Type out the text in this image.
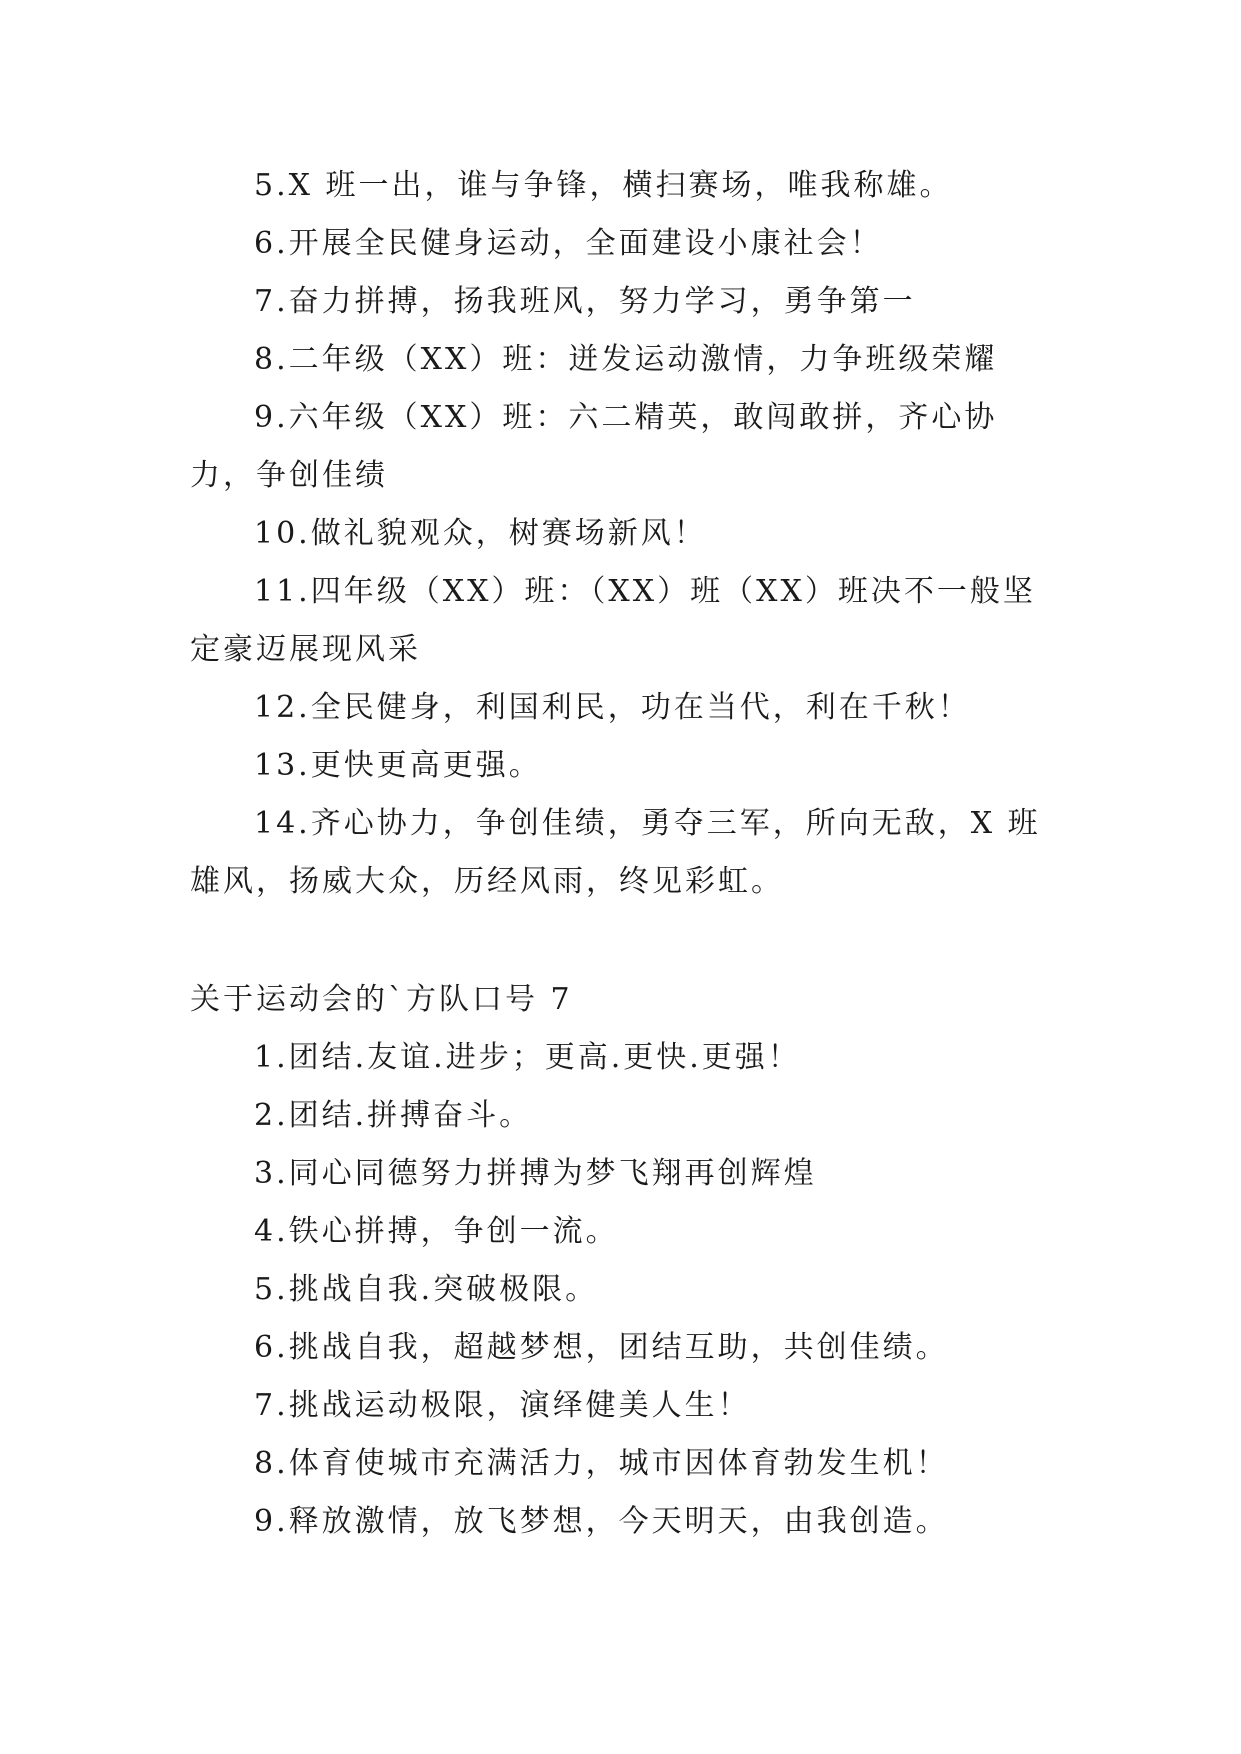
5.X 班一出，谁与争锋，横扫赛场，唯我称雄。

6.开展全民健身运动，全面建设小康社会！

7.奋力拼搏，扬我班风，努力学习，勇争第一

8.二年级（XX）班：迸发运动激情，力争班级荣耀

9.六年级（XX）班：六二精英，敢闯敢拼，齐心协力，争创佳绩

10.做礼貌观众，树赛场新风！

11.四年级（XX）班：（XX）班（XX）班决不一般坚定豪迈展现风采

12.全民健身，利国利民，功在当代，利在千秋！

13.更快更高更强。

14.齐心协力，争创佳绩，勇夺三军，所向无敌，X 班雄风，扬威大众，历经风雨，终见彩虹。

关于运动会的`方队口号 7

1.团结.友谊.进步；更高.更快.更强！

2.团结.拼搏奋斗。

3.同心同德努力拼搏为梦飞翔再创辉煌

4.铁心拼搏，争创一流。

5.挑战自我.突破极限。

6.挑战自我，超越梦想，团结互助，共创佳绩。

7.挑战运动极限，演绎健美人生！

8.体育使城市充满活力，城市因体育勃发生机！

9.释放激情，放飞梦想，今天明天，由我创造。
